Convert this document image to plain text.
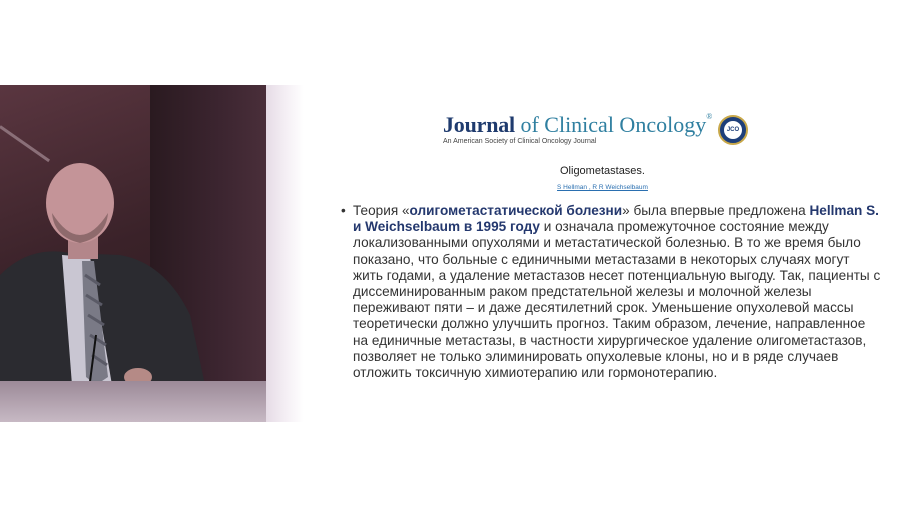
Journal of Clinical Oncology®
An American Society of Clinical Oncology Journal
JCO
Oligometastases.
S Hellman , R R Weichselbaum
• Теория «олигометастатической болезни» была впервые предложена Hellman S. и Weichselbaum в 1995 году и означала промежуточное состояние между локализованными опухолями и метастатической болезнью. В то же время было показано, что больные с единичными метастазами в некоторых случаях могут жить годами, а удаление метастазов несет потенциальную выгоду. Так, пациенты с диссеминированным раком предстательной железы и молочной железы переживают пяти – и даже десятилетний срок. Уменьшение опухолевой массы теоретически должно улучшить прогноз. Таким образом, лечение, направленное на единичные метастазы, в частности хирургическое удаление олигометастазов, позволяет не только элиминировать опухолевые клоны, но и в ряде случаев отложить токсичную химиотерапию или гормонотерапию.
